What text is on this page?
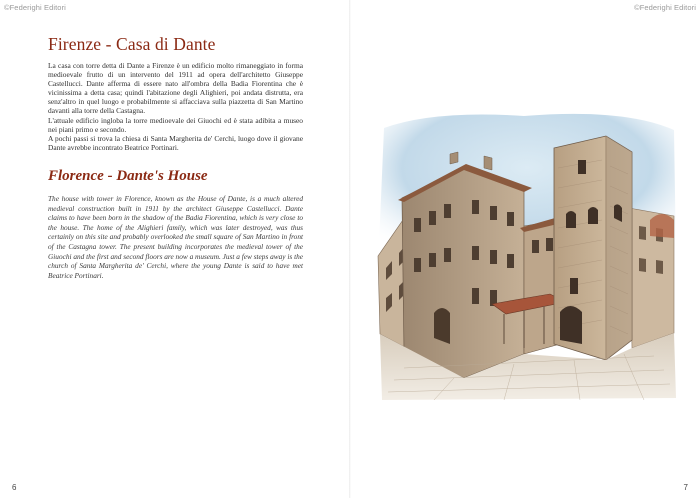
©Federighi Editori	©Federighi Editori
Firenze - Casa di Dante

La casa con torre detta di Dante a Firenze è un edificio molto rimaneggiato in forma medioevale frutto di un intervento del 1911 ad opera dell'architetto Giuseppe Castellucci. Dante afferma di essere nato all'ombra della Badia Fiorentina che è vicinissima a detta casa; quindi l'abitazione degli Alighieri, poi andata distrutta, era senz'altro in quel luogo e probabilmente si affacciava sulla piazzetta di San Martino davanti alla torre della Castagna.

L'attuale edificio ingloba la torre medioevale dei Giuochi ed è stata adibita a museo nei piani primo e secondo.

A pochi passi si trova la chiesa di Santa Margherita de' Cerchi, luogo dove il giovane Dante avrebbe incontrato Beatrice Portinari.

Florence - Dante's House

The house with tower in Florence, known as the House of Dante, is a much altered medieval construction built in 1911 by the architect Giuseppe Castellucci. Dante claims to have been born in the shadow of the Badia Fiorentina, which is very close to the house. The home of the Alighieri family, which was later destroyed, was thus certainly on this site and probably overlooked the small square of San Martino in front of the Castagna tower. The present building incorporates the medieval tower of the Giuochi and the first and second floors are now a museum. Just a few steps away is the church of Santa Margherita de' Cerchi, where the young Dante is said to have met Beatrice Portinari.

6	7
